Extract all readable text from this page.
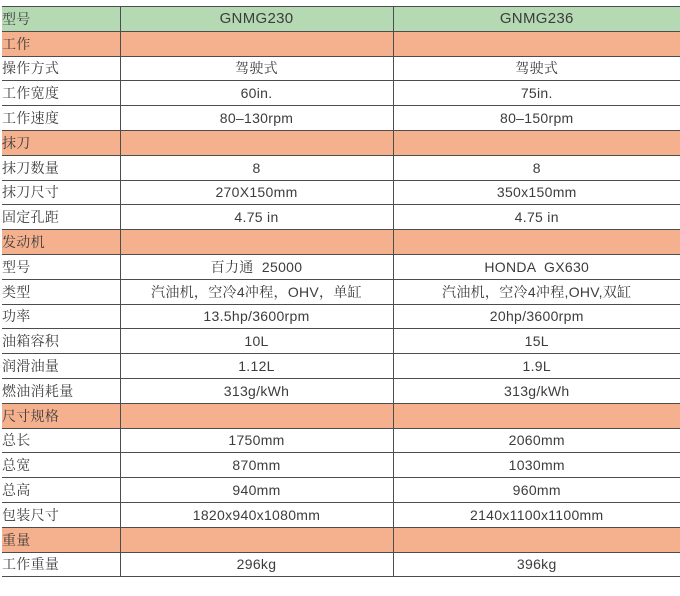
型号	GNMG230	GNMG236
工作		
操作方式	驾驶式	驾驶式
工作宽度	60in.	75in.
工作速度	80–130rpm	80–150rpm
抹刀		
抹刀数量	8	8
抹刀尺寸	270X150mm	350x150mm
固定孔距	4.75 in	4.75 in
发动机		
型号	百力通  25000	HONDA  GX630
类型	汽油机，空冷4冲程，OHV，单缸	汽油机，空冷4冲程,OHV,双缸
功率	13.5hp/3600rpm	20hp/3600rpm
油箱容积	10L	15L
润滑油量	1.12L	1.9L
燃油消耗量	313g/kWh	313g/kWh
尺寸规格		
总长	1750mm	2060mm
总宽	870mm	1030mm
总高	940mm	960mm
包装尺寸	1820x940x1080mm	2140x1100x1100mm
重量		
工作重量	296kg	396kg
